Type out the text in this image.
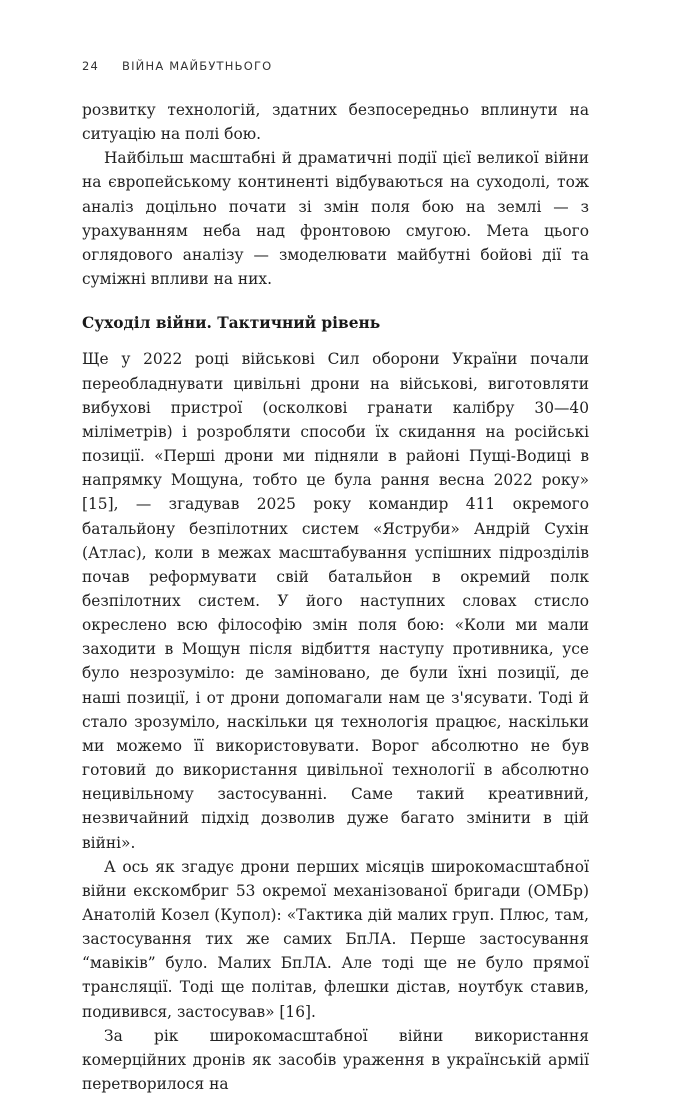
24 ВІЙНА МАЙБУТНЬОГО

розвитку технологій, здатних безпосередньо вплинути на ситуацію на полі бою.

Найбільш масштабні й драматичні події цієї великої війни на європейському континенті відбуваються на суходолі, тож аналіз доцільно почати зі змін поля бою на землі — з урахуванням неба над фронтовою смугою. Мета цього оглядового аналізу — змоделювати майбутні бойові дії та суміжні впливи на них.

Суходіл війни. Тактичний рівень

Ще у 2022 році військові Сил оборони України почали переобладнувати цивільні дрони на військові, виготовляти вибухові пристрої (осколкові гранати калібру 30—40 міліметрів) і розробляти способи їх скидання на російські позиції. «Перші дрони ми підняли в районі Пущі-Водиці в напрямку Мощуна, тобто це була рання весна 2022 року» [15], — згадував 2025 року командир 411 окремого батальйону безпілотних систем «Яструби» Андрій Сухін (Атлас), коли в межах масштабування успішних підрозділів почав реформувати свій батальйон в окремий полк безпілотних систем. У його наступних словах стисло окреслено всю філософію змін поля бою: «Коли ми мали заходити в Мощун після відбиття наступу противника, усе було незрозуміло: де заміновано, де були їхні позиції, де наші позиції, і от дрони допомагали нам це з'ясувати. Тоді й стало зрозуміло, наскільки ця технологія працює, наскільки ми можемо її використовувати. Ворог абсолютно не був готовий до використання цивільної технології в абсолютно нецивільному застосуванні. Саме такий креативний, незвичайний підхід дозволив дуже багато змінити в цій війні».

А ось як згадує дрони перших місяців широкомасштабної війни екскомбриг 53 окремої механізованої бригади (ОМБр) Анатолій Козел (Купол): «Тактика дій малих груп. Плюс, там, застосування тих же самих БпЛА. Перше застосування “мавіків” було. Малих БпЛА. Але тоді ще не було прямої трансляції. Тоді ще політав, флешки дістав, ноутбук ставив, подивився, застосував» [16].

За рік широкомасштабної війни використання комерційних дронів як засобів ураження в українській армії перетворилося на
